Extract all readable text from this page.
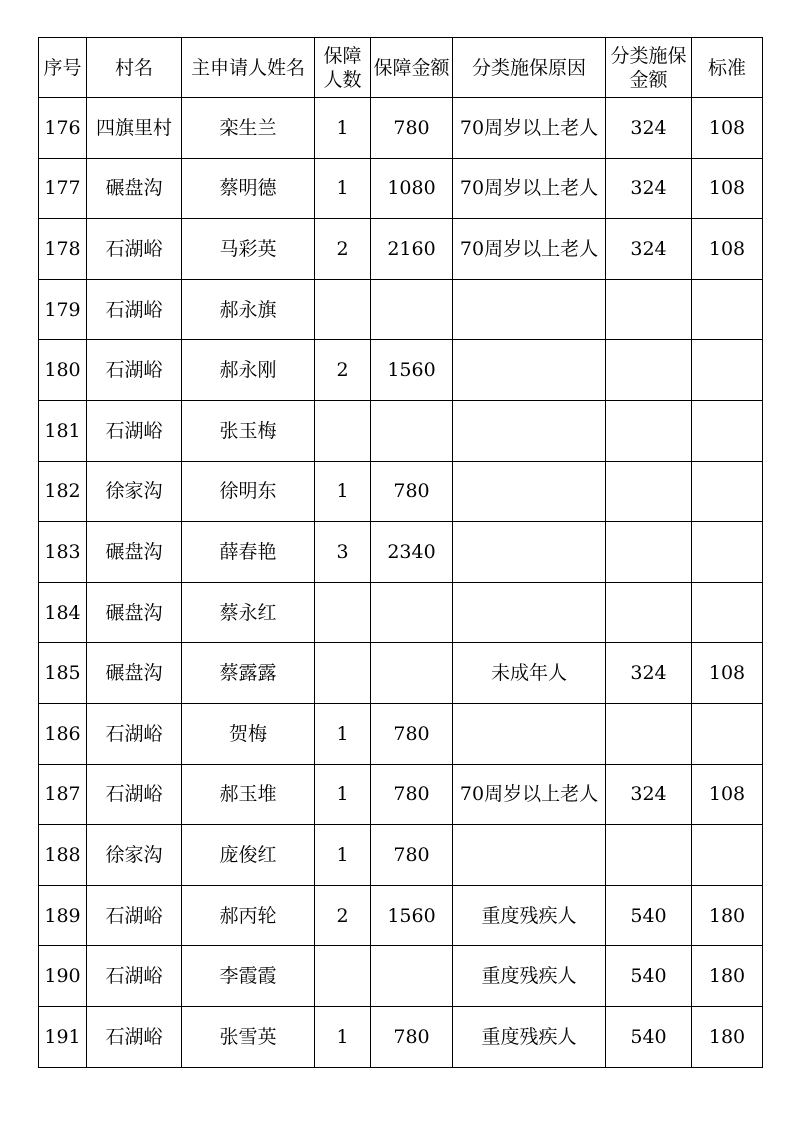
序号	村名	主申请人姓名	保障人数	保障金额	分类施保原因	分类施保金额	标准
176	四旗里村	栾生兰	1	780	70周岁以上老人	324	108
177	碾盘沟	蔡明德	1	1080	70周岁以上老人	324	108
178	石湖峪	马彩英	2	2160	70周岁以上老人	324	108
179	石湖峪	郝永旗					
180	石湖峪	郝永刚	2	1560			
181	石湖峪	张玉梅					
182	徐家沟	徐明东	1	780			
183	碾盘沟	薛春艳	3	2340			
184	碾盘沟	蔡永红					
185	碾盘沟	蔡露露			未成年人	324	108
186	石湖峪	贺梅	1	780			
187	石湖峪	郝玉堆	1	780	70周岁以上老人	324	108
188	徐家沟	庞俊红	1	780			
189	石湖峪	郝丙轮	2	1560	重度残疾人	540	180
190	石湖峪	李霞霞			重度残疾人	540	180
191	石湖峪	张雪英	1	780	重度残疾人	540	180
